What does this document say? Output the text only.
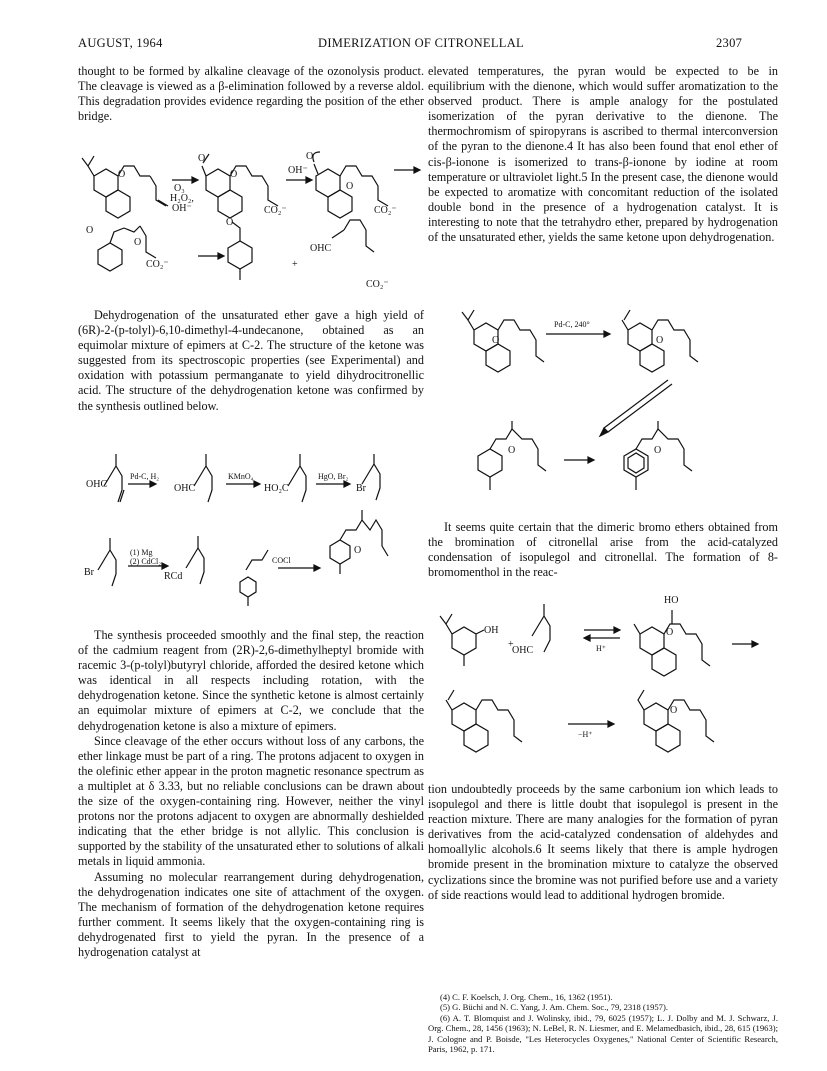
AUGUST, 1964	DIMERIZATION OF CITRONELLAL	2307

thought to be formed by alkaline cleavage of the ozonolysis product. The cleavage is viewed as a β-elimination followed by a reverse aldol. This degradation provides evidence regarding the position of the ether bridge.

O
O₃
H₂O₂,
OH⁻
O
O
CO₂⁻
OH⁻
O
O
CO₂⁻
O
O
CO₂⁻
O
+
OHC
CO₂⁻

Dehydrogenation of the unsaturated ether gave a high yield of (6R)-2-(p-tolyl)-6,10-dimethyl-4-undecanone, obtained as an equimolar mixture of epimers at C-2. The structure of the ketone was suggested from its spectroscopic properties (see Experimental) and oxidation with potassium permanganate to yield dihydrocitronellic acid. The structure of the dehydrogenation ketone was confirmed by the synthesis outlined below.

OHC
Pd-C, H₂
OHC
KMnO₄
HO₂C
HgO, Br₂
Br
Br
(1) Mg
(2) CdCl₂
RCd
COCl
O

The synthesis proceeded smoothly and the final step, the reaction of the cadmium reagent from (2R)-2,6-dimethylheptyl bromide with racemic 3-(p-tolyl)butyryl chloride, afforded the desired ketone which was identical in all respects including rotation, with the dehydrogenation ketone. Since the synthetic ketone is almost certainly an equimolar mixture of epimers at C-2, we conclude that the dehydrogenation ketone is also a mixture of epimers.

Since cleavage of the ether occurs without loss of any carbons, the ether linkage must be part of a ring. The protons adjacent to oxygen in the olefinic ether appear in the proton magnetic resonance spectrum as a multiplet at δ 3.33, but no reliable conclusions can be drawn about the size of the oxygen-containing ring. However, neither the vinyl protons nor the protons adjacent to oxygen are abnormally deshielded indicating that the ether bridge is not allylic. This conclusion is supported by the stability of the unsaturated ether to solutions of alkali metals in liquid ammonia.

Assuming no molecular rearrangement during dehydrogenation, the dehydrogenation indicates one site of attachment of the oxygen. The mechanism of formation of the dehydrogenation ketone requires further comment. It seems likely that the oxygen-containing ring is dehydrogenated first to yield the pyran. In the presence of a hydrogenation catalyst at

elevated temperatures, the pyran would be expected to be in equilibrium with the dienone, which would suffer aromatization to the observed product. There is ample analogy for the postulated isomerization of the pyran derivative to the dienone. The thermochromism of spiropyrans is ascribed to thermal interconversion of the pyran to the dienone.4 It has also been found that enol ether of cis-β-ionone is isomerized to trans-β-ionone by iodine at room temperature or ultraviolet light.5 In the present case, the dienone would be expected to aromatize with concomitant reduction of the isolated double bond in the presence of a hydrogenation catalyst. It is interesting to note that the tetrahydro ether, prepared by hydrogenation of the unsaturated ether, yields the same ketone upon dehydrogenation.

Pd-C, 240°
O	O
O	O

It seems quite certain that the dimeric bromo ethers obtained from the bromination of citronellal arise from the acid-catalyzed condensation of isopulegol and citronellal. The formation of 8-bromomenthol in the reac-

OH
+
OHC	H⁺
HO
O
−H⁺
O

tion undoubtedly proceeds by the same carbonium ion which leads to isopulegol and there is little doubt that isopulegol is present in the reaction mixture. There are many analogies for the formation of pyran derivatives from the acid-catalyzed condensation of aldehydes and homoallylic alcohols.6 It seems likely that there is ample hydrogen bromide present in the bromination mixture to catalyze the observed cyclizations since the bromine was not purified before use and a variety of side reactions would lead to additional hydrogen bromide.

(4) C. F. Koelsch, J. Org. Chem., 16, 1362 (1951).

(5) G. Büchi and N. C. Yang, J. Am. Chem. Soc., 79, 2318 (1957).

(6) A. T. Blomquist and J. Wolinsky, ibid., 79, 6025 (1957); L. J. Dolby and M. J. Schwarz, J. Org. Chem., 28, 1456 (1963); N. LeBel, R. N. Liesmer, and E. Melamedbasich, ibid., 28, 615 (1963); J. Cologne and P. Boisde, "Les Heterocycles Oxygenes," National Center of Scientific Research, Paris, 1962, p. 171.
